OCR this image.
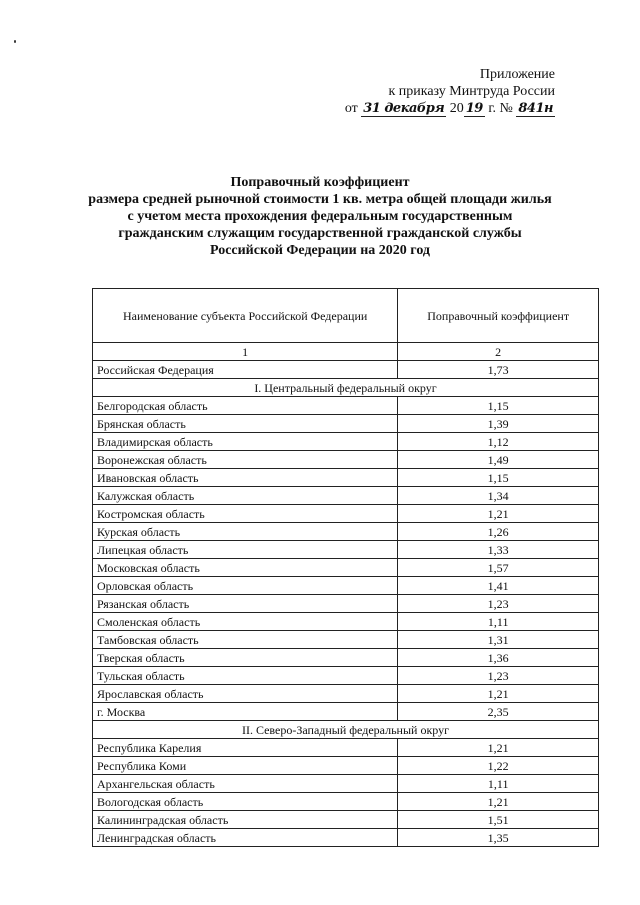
Приложение
к приказу Минтруда России
от 31 декабря 20 19 г. № 841н
Поправочный коэффициент
размера средней рыночной стоимости 1 кв. метра общей площади жилья
с учетом места прохождения федеральным государственным
гражданским служащим государственной гражданской службы
Российской Федерации на 2020 год
Наименование субъекта Российской Федерации	Поправочный коэффициент
1	2
Российская Федерация	1,73
I. Центральный федеральный округ	
Белгородская область	1,15
Брянская область	1,39
Владимирская область	1,12
Воронежская область	1,49
Ивановская область	1,15
Калужская область	1,34
Костромская область	1,21
Курская область	1,26
Липецкая область	1,33
Московская область	1,57
Орловская область	1,41
Рязанская область	1,23
Смоленская область	1,11
Тамбовская область	1,31
Тверская область	1,36
Тульская область	1,23
Ярославская область	1,21
г. Москва	2,35
II. Северо-Западный федеральный округ	
Республика Карелия	1,21
Республика Коми	1,22
Архангельская область	1,11
Вологодская область	1,21
Калининградская область	1,51
Ленинградская область	1,35
